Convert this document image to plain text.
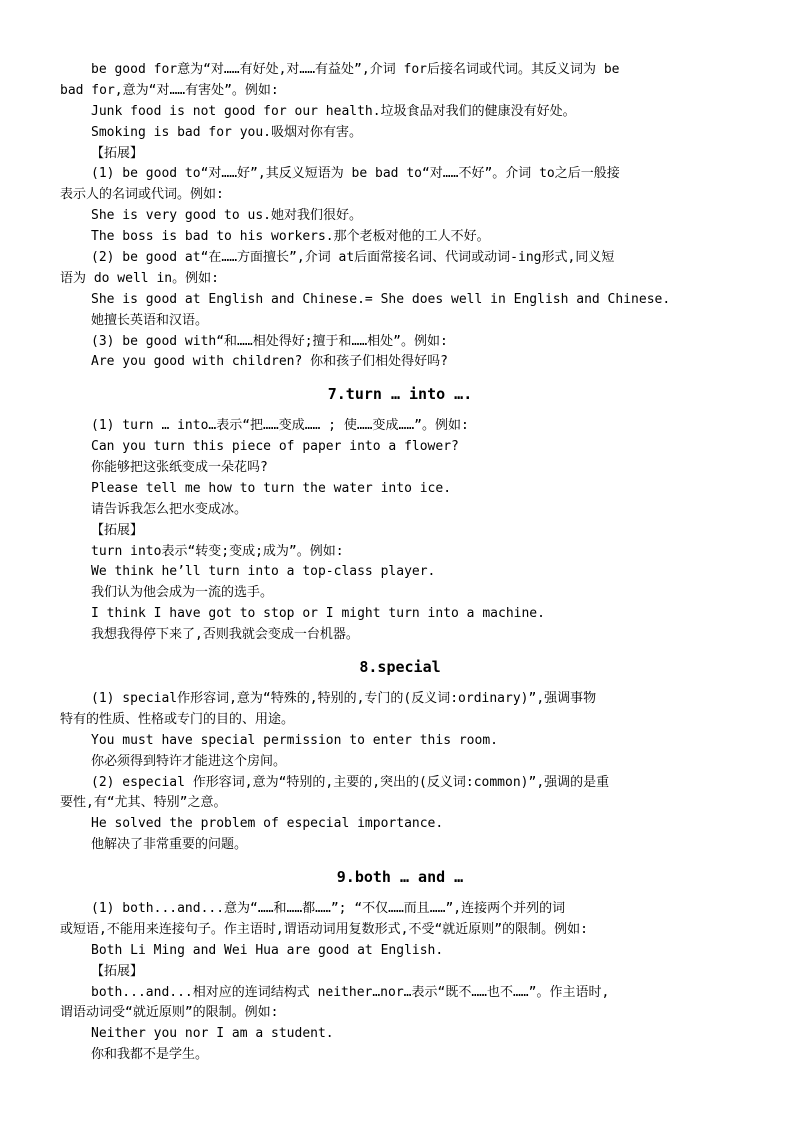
be good for意为“对……有好处,对……有益处”,介词 for后接名词或代词。其反义词为 be
bad for,意为“对……有害处”。例如:
Junk food is not good for our health.垃圾食品对我们的健康没有好处。
Smoking is bad for you.吸烟对你有害。
【拓展】
(1) be good to“对……好”,其反义短语为 be bad to“对……不好”。介词 to之后一般接
表示人的名词或代词。例如:
She is very good to us.她对我们很好。
The boss is bad to his workers.那个老板对他的工人不好。
(2) be good at“在……方面擅长”,介词 at后面常接名词、代词或动词-ing形式,同义短
语为 do well in。例如:
She is good at English and Chinese.= She does well in English and Chinese.
她擅长英语和汉语。
(3) be good with“和……相处得好;擅于和……相处”。例如:
Are you good with children? 你和孩子们相处得好吗?
7.turn … into ….
(1) turn … into…表示“把……变成…… ; 使……变成……”。例如:
Can you turn this piece of paper into a flower?
你能够把这张纸变成一朵花吗?
Please tell me how to turn the water into ice.
请告诉我怎么把水变成冰。
【拓展】
turn into表示“转变;变成;成为”。例如:
We think he’ll turn into a top-class player.
我们认为他会成为一流的选手。
I think I have got to stop or I might turn into a machine.
我想我得停下来了,否则我就会变成一台机器。
8.special
(1) special作形容词,意为“特殊的,特别的,专门的(反义词:ordinary)”,强调事物
特有的性质、性格或专门的目的、用途。
You must have special permission to enter this room.
你必须得到特许才能进这个房间。
(2) especial 作形容词,意为“特别的,主要的,突出的(反义词:common)”,强调的是重
要性,有“尤其、特别”之意。
He solved the problem of especial importance.
他解决了非常重要的问题。
9.both … and …
(1) both...and...意为“……和……都……”; “不仅……而且……”,连接两个并列的词
或短语,不能用来连接句子。作主语时,谓语动词用复数形式,不受“就近原则”的限制。例如:
Both Li Ming and Wei Hua are good at English.
【拓展】
both...and...相对应的连词结构式 neither…nor…表示“既不……也不……”。作主语时,
谓语动词受“就近原则”的限制。例如:
Neither you nor I am a student.
你和我都不是学生。
